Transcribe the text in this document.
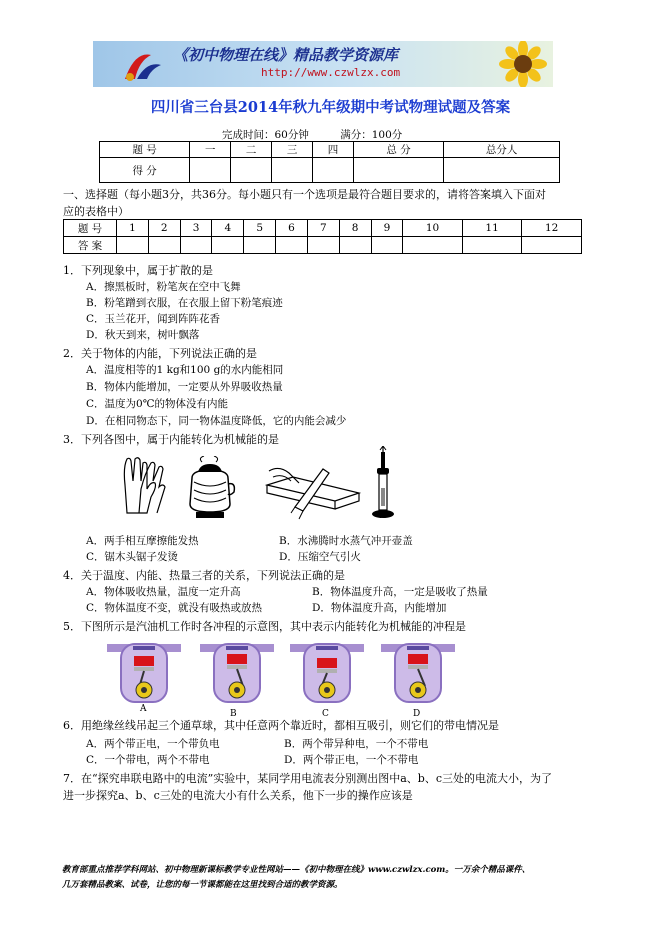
《初中物理在线》精品教学资源库
http://www.czwlzx.com
四川省三台县2014年秋九年级期中考试物理试题及答案
完成时间：60分钟	满分：100分
题 号	一	二	三	四	总 分	总分人
得 分						
一、选择题（每小题3分，共36分。每小题只有一个选项是最符合题目要求的，请将答案填入下面对
应的表格中）
题 号	1	2	3	4	5	6	7	8	9	10	11	12
答 案												
1．下列现象中，属于扩散的是
A．擦黑板时，粉笔灰在空中飞舞
B．粉笔蹭到衣服，在衣服上留下粉笔痕迹
C．玉兰花开，闻到阵阵花香
D．秋天到来，树叶飘落
2．关于物体的内能，下列说法正确的是
A．温度相等的1 kg和100 g的水内能相同
B．物体内能增加，一定要从外界吸收热量
C．温度为0℃的物体没有内能
D．在相同物态下，同一物体温度降低，它的内能会减少
3．下列各图中，属于内能转化为机械能的是
A．两手相互摩擦能发热	B．水沸腾时水蒸气冲开壶盖
C．锯木头锯子发烫	D．压缩空气引火
4．关于温度、内能、热量三者的关系，下列说法正确的是
A．物体吸收热量，温度一定升高	B．物体温度升高，一定是吸收了热量
C．物体温度不变，就没有吸热或放热	D．物体温度升高，内能增加
5．下图所示是汽油机工作时各冲程的示意图，其中表示内能转化为机械能的冲程是
A	B	C	D
6．用绝缘丝线吊起三个通草球，其中任意两个靠近时，都相互吸引，则它们的带电情况是
A．两个带正电，一个带负电	B．两个带异种电，一个不带电
C．一个带电，两个不带电	D．两个带正电，一个不带电
7．在“探究串联电路中的电流”实验中，某同学用电流表分别测出图中a、b、c三处的电流大小，为了
进一步探究a、b、c三处的电流大小有什么关系，他下一步的操作应该是
教育部重点推荐学科网站、初中物理新课标教学专业性网站——《初中物理在线》www.czwlzx.com。一万余个精品课件、
几万套精品教案、试卷，让您的每一节课都能在这里找到合适的教学资源。
